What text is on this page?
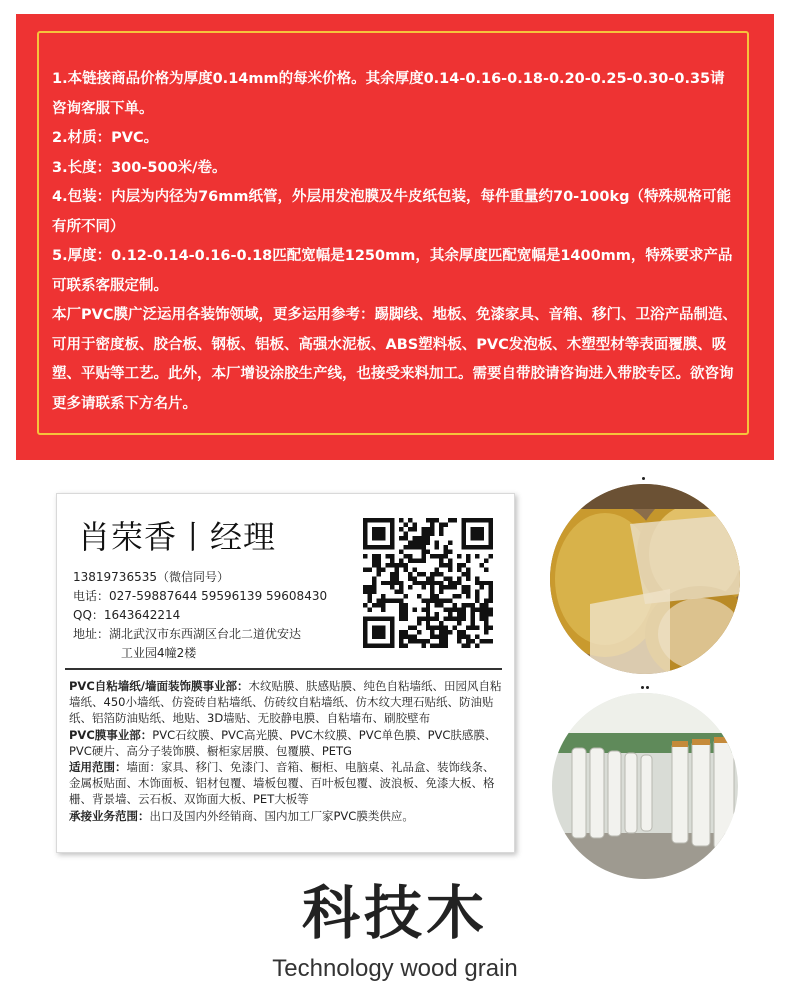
1.本链接商品价格为厚度0.14mm的每米价格。其余厚度0.14-0.16-0.18-0.20-0.25-0.30-0.35请咨询客服下单。

2.材质：PVC。

3.长度：300-500米/卷。

4.包装：内层为内径为76mm纸管，外层用发泡膜及牛皮纸包装，每件重量约70-100kg（特殊规格可能有所不同）

5.厚度：0.12-0.14-0.16-0.18匹配宽幅是1250mm，其余厚度匹配宽幅是1400mm，特殊要求产品可联系客服定制。

本厂PVC膜广泛运用各装饰领域，更多运用参考：踢脚线、地板、免漆家具、音箱、移门、卫浴产品制造、可用于密度板、胶合板、钢板、铝板、高强水泥板、ABS塑料板、PVC发泡板、木塑型材等表面覆膜、吸塑、平贴等工艺。此外，本厂增设涂胶生产线，也接受来料加工。需要自带胶请咨询进入带胶专区。欲咨询更多请联系下方名片。

肖荣香丨经理
13819736535（微信同号）
电话：027-59887644 59596139 59608430
QQ：1643642214
地址：湖北武汉市东西湖区台北二道优安达
工业园4幢2楼

PVC自粘墙纸/墙面装饰膜事业部：木纹贴膜、肤感贴膜、纯色自粘墙纸、田园风自粘墙纸、450小墙纸、仿瓷砖自粘墙纸、仿砖纹自粘墙纸、仿木纹大理石贴纸、防油贴纸、铝箔防油贴纸、地贴、3D墙贴、无胶静电膜、自粘墙布、刷胶壁布

PVC膜事业部：PVC石纹膜、PVC高光膜、PVC木纹膜、PVC单色膜、PVC肤感膜、PVC硬片、高分子装饰膜、橱柜家居膜、包覆膜、PETG

适用范围：墙面：家具、移门、免漆门、音箱、橱柜、电脑桌、礼品盒、装饰线条、金属板贴面、木饰面板、铝材包覆、墙板包覆、百叶板包覆、波浪板、免漆大板、格栅、背景墙、云石板、双饰面大板、PET大板等

承接业务范围：出口及国内外经销商、国内加工厂家PVC膜类供应。

科技木
Technology wood grain
